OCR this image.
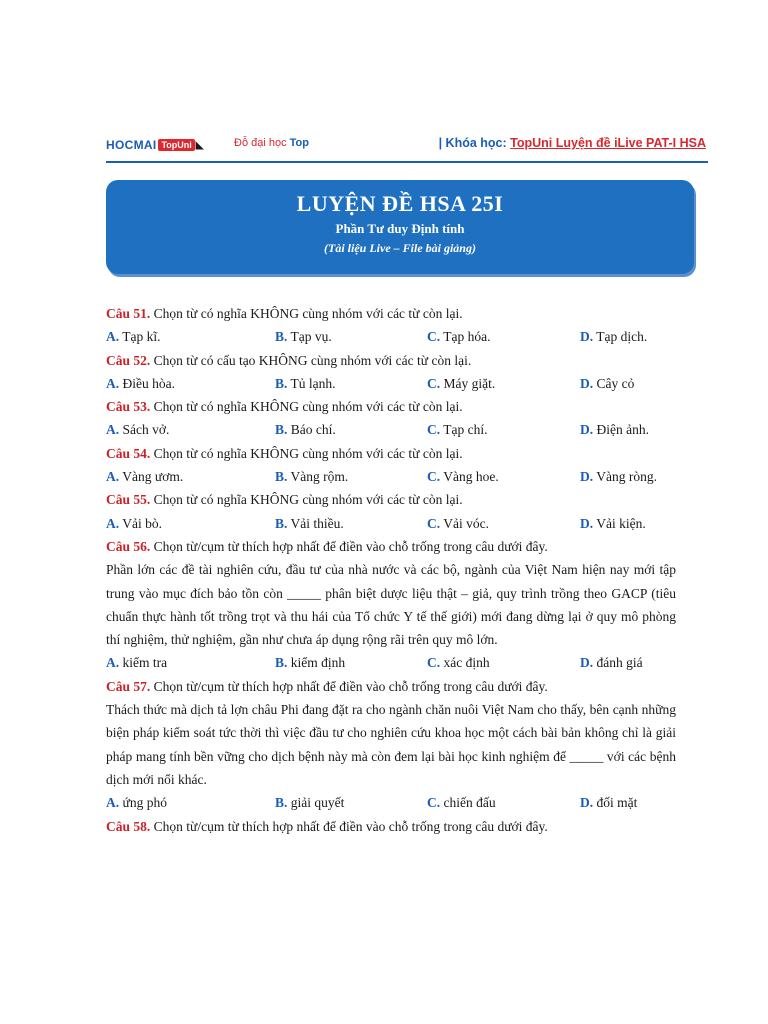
HOCMAI TopUni ◣	Đỗ đại học Top	| Khóa học: TopUni Luyện đề iLive PAT-I HSA
LUYỆN ĐỀ HSA 25I
Phần Tư duy Định tính
(Tài liệu Live – File bài giảng)
Câu 51. Chọn từ có nghĩa KHÔNG cùng nhóm với các từ còn lại.
A. Tạp kĩ.	B. Tạp vụ.	C. Tạp hóa.	D. Tạp dịch.
Câu 52. Chọn từ có cấu tạo KHÔNG cùng nhóm với các từ còn lại.
A. Điều hòa.	B. Tủ lạnh.	C. Máy giặt.	D. Cây cỏ
Câu 53. Chọn từ có nghĩa KHÔNG cùng nhóm với các từ còn lại.
A. Sách vở.	B. Báo chí.	C. Tạp chí.	D. Điện ảnh.
Câu 54. Chọn từ có nghĩa KHÔNG cùng nhóm với các từ còn lại.
A. Vàng ươm.	B. Vàng rộm.	C. Vàng hoe.	D. Vàng ròng.
Câu 55. Chọn từ có nghĩa KHÔNG cùng nhóm với các từ còn lại.
A. Vải bò.	B. Vải thiều.	C. Vải vóc.	D. Vải kiện.
Câu 56. Chọn từ/cụm từ thích hợp nhất để điền vào chỗ trống trong câu dưới đây.
Phần lớn các đề tài nghiên cứu, đầu tư của nhà nước và các bộ, ngành của Việt Nam hiện nay mới tập trung vào mục đích bảo tồn còn _____ phân biệt dược liệu thật – giả, quy trình trồng theo GACP (tiêu chuẩn thực hành tốt trồng trọt và thu hái của Tổ chức Y tế thế giới) mới đang dừng lại ở quy mô phòng thí nghiệm, thử nghiệm, gần như chưa áp dụng rộng rãi trên quy mô lớn.
A. kiểm tra	B. kiểm định	C. xác định	D. đánh giá
Câu 57. Chọn từ/cụm từ thích hợp nhất để điền vào chỗ trống trong câu dưới đây.
Thách thức mà dịch tả lợn châu Phi đang đặt ra cho ngành chăn nuôi Việt Nam cho thấy, bên cạnh những biện pháp kiểm soát tức thời thì việc đầu tư cho nghiên cứu khoa học một cách bài bản không chỉ là giải pháp mang tính bền vững cho dịch bệnh này mà còn đem lại bài học kinh nghiệm để _____ với các bệnh dịch mới nổi khác.
A. ứng phó	B. giải quyết	C. chiến đấu	D. đối mặt
Câu 58. Chọn từ/cụm từ thích hợp nhất để điền vào chỗ trống trong câu dưới đây.
